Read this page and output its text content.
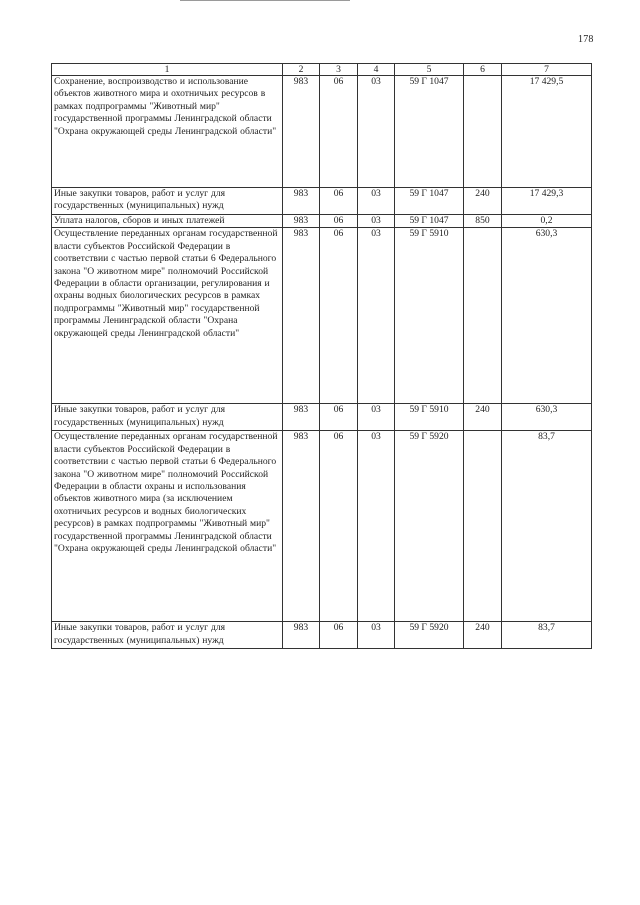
178
1	2	3	4	5	6	7

Сохранение, воспроизводство и использование объектов животного мира и охотничьих ресурсов в рамках подпрограммы "Животный мир" государственной программы Ленинградской области "Охрана окружающей среды Ленинградской области"	983	06	03	59 Г 1047		17 429,5

Иные закупки товаров, работ и услуг для государственных (муниципальных) нужд	983	06	03	59 Г 1047	240	17 429,3

Уплата налогов, сборов и иных платежей	983	06	03	59 Г 1047	850	0,2

Осуществление переданных органам государственной власти субъектов Российской Федерации в соответствии с частью первой статьи 6 Федерального закона "О животном мире" полномочий Российской Федерации в области организации, регулирования и охраны водных биологических ресурсов в рамках подпрограммы "Животный мир" государственной программы Ленинградской области "Охрана окружающей среды Ленинградской области"	983	06	03	59 Г 5910		630,3

Иные закупки товаров, работ и услуг для государственных (муниципальных) нужд	983	06	03	59 Г 5910	240	630,3

Осуществление переданных органам государственной власти субъектов Российской Федерации в соответствии с частью первой статьи 6 Федерального закона "О животном мире" полномочий Российской Федерации в области охраны и использования объектов животного мира (за исключением охотничьих ресурсов и водных биологических ресурсов) в рамках подпрограммы "Животный мир" государственной программы Ленинградской области "Охрана окружающей среды Ленинградской области"	983	06	03	59 Г 5920		83,7

Иные закупки товаров, работ и услуг для государственных (муниципальных) нужд	983	06	03	59 Г 5920	240	83,7
